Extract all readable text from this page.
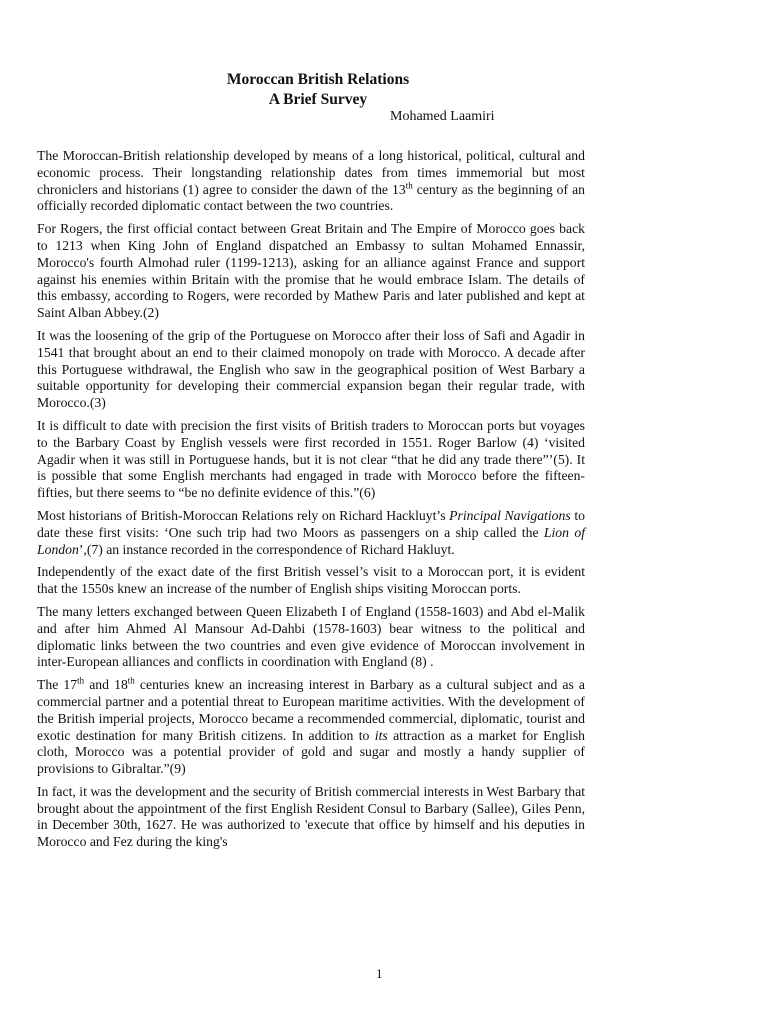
Moroccan British Relations
A Brief Survey
Mohamed Laamiri

The Moroccan-British relationship developed by means of a long historical, political, cultural and economic process. Their longstanding relationship dates from times immemorial but most chroniclers and historians (1) agree to consider the dawn of the 13th century as the beginning of an officially recorded diplomatic contact between the two countries.

For Rogers, the first official contact between Great Britain and The Empire of Morocco goes back to 1213 when King John of England dispatched an Embassy to sultan Mohamed Ennassir, Morocco's fourth Almohad ruler (1199-1213), asking for an alliance against France and support against his enemies within Britain with the promise that he would embrace Islam. The details of this embassy, according to Rogers, were recorded by Mathew Paris and later published and kept at Saint Alban Abbey.(2)

It was the loosening of the grip of the Portuguese on Morocco after their loss of Safi and Agadir in 1541 that brought about an end to their claimed monopoly on trade with Morocco. A decade after this Portuguese withdrawal, the English who saw in the geographical position of West Barbary a suitable opportunity for developing their commercial expansion began their regular trade, with Morocco.(3)

It is difficult to date with precision the first visits of British traders to Moroccan ports but voyages to the Barbary Coast by English vessels were first recorded in 1551. Roger Barlow (4) ‘visited Agadir when it was still in Portuguese hands, but it is not clear “that he did any trade there”’(5). It is possible that some English merchants had engaged in trade with Morocco before the fifteen-fifties, but there seems to “be no definite evidence of this.”(6)

Most historians of British-Moroccan Relations rely on Richard Hackluyt’s Principal Navigations to date these first visits: ‘One such trip had two Moors as passengers on a ship called the Lion of London’,(7) an instance recorded in the correspondence of Richard Hakluyt.

Independently of the exact date of the first British vessel’s visit to a Moroccan port, it is evident that the 1550s knew an increase of the number of English ships visiting Moroccan ports.

The many letters exchanged between Queen Elizabeth I of England (1558-1603) and Abd el-Malik and after him Ahmed Al Mansour Ad-Dahbi (1578-1603) bear witness to the political and diplomatic links between the two countries and even give evidence of Moroccan involvement in inter-European alliances and conflicts in coordination with England (8) .

The 17th and 18th centuries knew an increasing interest in Barbary as a cultural subject and as a commercial partner and a potential threat to European maritime activities. With the development of the British imperial projects, Morocco became a recommended commercial, diplomatic, tourist and exotic destination for many British citizens. In addition to its attraction as a market for English cloth, Morocco was a potential provider of gold and sugar and mostly a handy supplier of provisions to Gibraltar.”(9)

In fact, it was the development and the security of British commercial interests in West Barbary that brought about the appointment of the first English Resident Consul to Barbary (Sallee), Giles Penn, in December 30th, 1627. He was authorized to 'execute that office by himself and his deputies in Morocco and Fez during the king's

1
